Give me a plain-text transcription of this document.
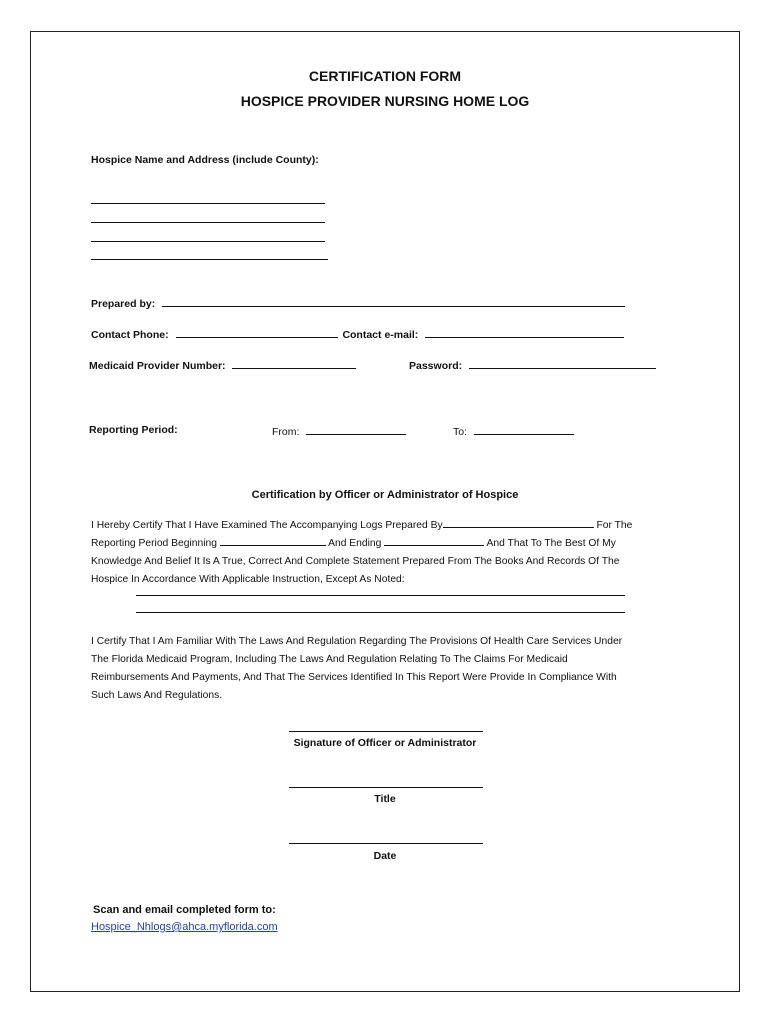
CERTIFICATION FORM
HOSPICE PROVIDER NURSING HOME LOG
Hospice Name and Address (include County):
Prepared by:
Contact Phone:	Contact e-mail:
Medicaid Provider Number:	Password:
Reporting Period:	From:	To:
Certification by Officer or Administrator of Hospice
I Hereby Certify That I Have Examined The Accompanying Logs Prepared By	For The
Reporting Period Beginning	And Ending	And That To The Best Of My
Knowledge And Belief It Is A True, Correct And Complete Statement Prepared From The Books And Records Of The
Hospice In Accordance With Applicable Instruction, Except As Noted:
I Certify That I Am Familiar With The Laws And Regulation Regarding The Provisions Of Health Care Services Under
The Florida Medicaid Program, Including The Laws And Regulation Relating To The Claims For Medicaid
Reimbursements And Payments, And That The Services Identified In This Report Were Provide In Compliance With
Such Laws And Regulations.
Signature of Officer or Administrator
Title
Date
Scan and email completed form to:
Hospice_Nhlogs@ahca.myflorida.com
